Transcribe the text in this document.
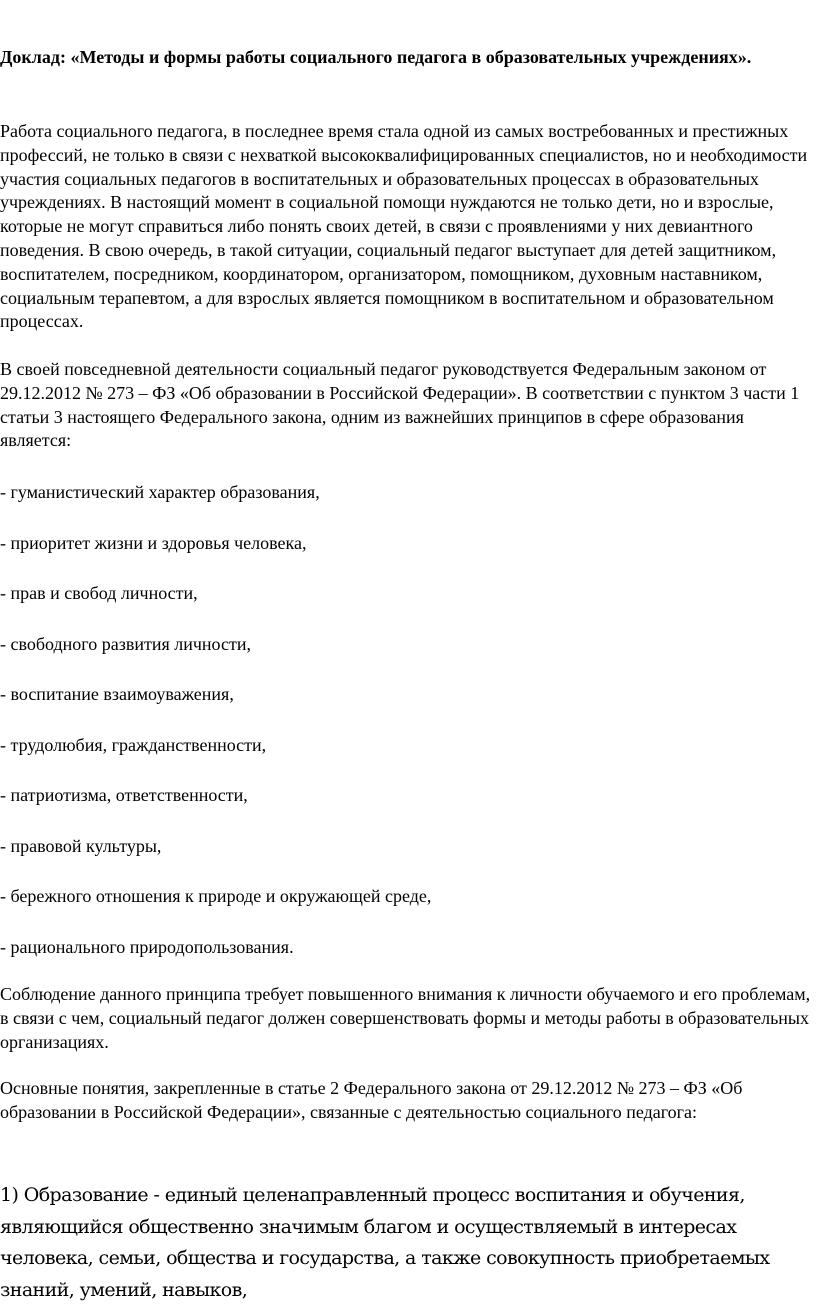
Доклад: «Методы и формы работы социального педагога в образовательных учреждениях».

Работа социального педагога, в последнее время стала одной из самых востребованных и престижных профессий, не только в связи с нехваткой высококвалифицированных специалистов, но и необходимости участия социальных педагогов в воспитательных и образовательных процессах в образовательных учреждениях. В настоящий момент в социальной помощи нуждаются не только дети, но и взрослые, которые не могут справиться либо понять своих детей, в связи с проявлениями у них девиантного поведения. В свою очередь, в такой ситуации, социальный педагог выступает для детей защитником, воспитателем, посредником, координатором, организатором, помощником, духовным наставником, социальным терапевтом, а для взрослых является помощником в воспитательном и образовательном процессах.

В своей повседневной деятельности социальный педагог руководствуется Федеральным законом от 29.12.2012 № 273 – ФЗ «Об образовании в Российской Федерации». В соответствии с пунктом 3 части 1 статьи 3 настоящего Федерального закона, одним из важнейших принципов в сфере образования является:

- гуманистический характер образования,
- приоритет жизни и здоровья человека,
- прав и свобод личности,
- свободного развития личности,
- воспитание взаимоуважения,
- трудолюбия, гражданственности,
- патриотизма, ответственности,
- правовой культуры,
- бережного отношения к природе и окружающей среде,
- рационального природопользования.

Соблюдение данного принципа требует повышенного внимания к личности обучаемого и его проблемам, в связи с чем, социальный педагог должен совершенствовать формы и методы работы в образовательных организациях.

Основные понятия, закрепленные в статье 2 Федерального закона от 29.12.2012 № 273 – ФЗ «Об образовании в Российской Федерации», связанные с деятельностью социального педагога:

1) Образование - единый целенаправленный процесс воспитания и обучения, являющийся общественно значимым благом и осуществляемый в интересах человека, семьи, общества и государства, а также совокупность приобретаемых знаний, умений, навыков,
